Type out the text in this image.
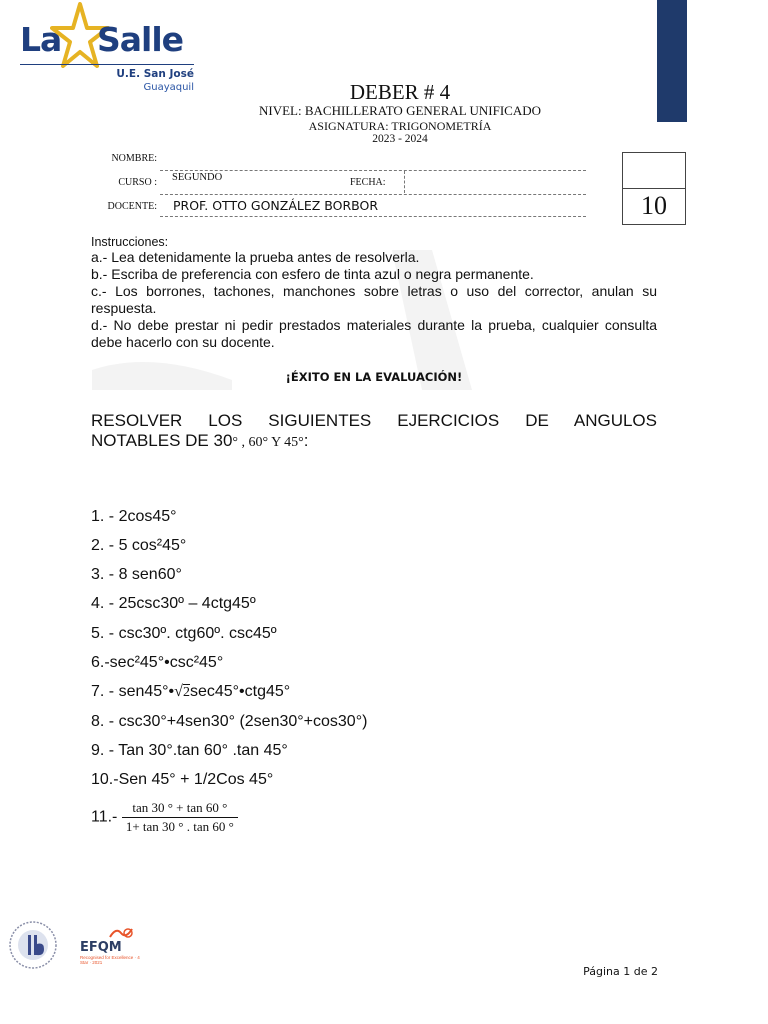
La Salle
U.E. San José
Guayaquil	DEBER # 4
NIVEL: BACHILLERATO GENERAL UNIFICADO
ASIGNATURA: TRIGONOMETRÍA
2023 - 2024
NOMBRE:
CURSO : SEGUNDO	FECHA:
DOCENTE: PROF. OTTO GONZÁLEZ BORBOR	10
Instrucciones:
a.- Lea detenidamente la prueba antes de resolverla.
b.- Escriba de preferencia con esfero de tinta azul o negra permanente.
c.- Los borrones, tachones, manchones sobre letras o uso del corrector, anulan su respuesta.
d.- No debe prestar ni pedir prestados materiales durante la prueba, cualquier consulta debe hacerlo con su docente.
¡ÉXITO EN LA EVALUACIÓN!
RESOLVER LOS SIGUIENTES EJERCICIOS DE ANGULOS
NOTABLES DE 30° , 60° Y 45°:
1. - 2cos45°
2. - 5 cos²45°
3. - 8 sen60°
4. - 25csc30º – 4ctg45º
5. - csc30º. ctg60º. csc45º
6.-sec²45°•csc²45°
7. - sen45°•√2sec45°•ctg45°
8. - csc30°+4sen30° (2sen30°+cos30°)
9. - Tan 30°.tan 60° .tan 45°
10.-Sen 45° + 1/2Cos 45°
$11.- \frac{\tan 30 ^\circ + \tan 60 ^\circ}{1+ \tan 30 ^\circ . \tan 60 ^\circ}$
EFQM
Recognised for Excellence · 4 Star · 2021
Página 1 de 2
